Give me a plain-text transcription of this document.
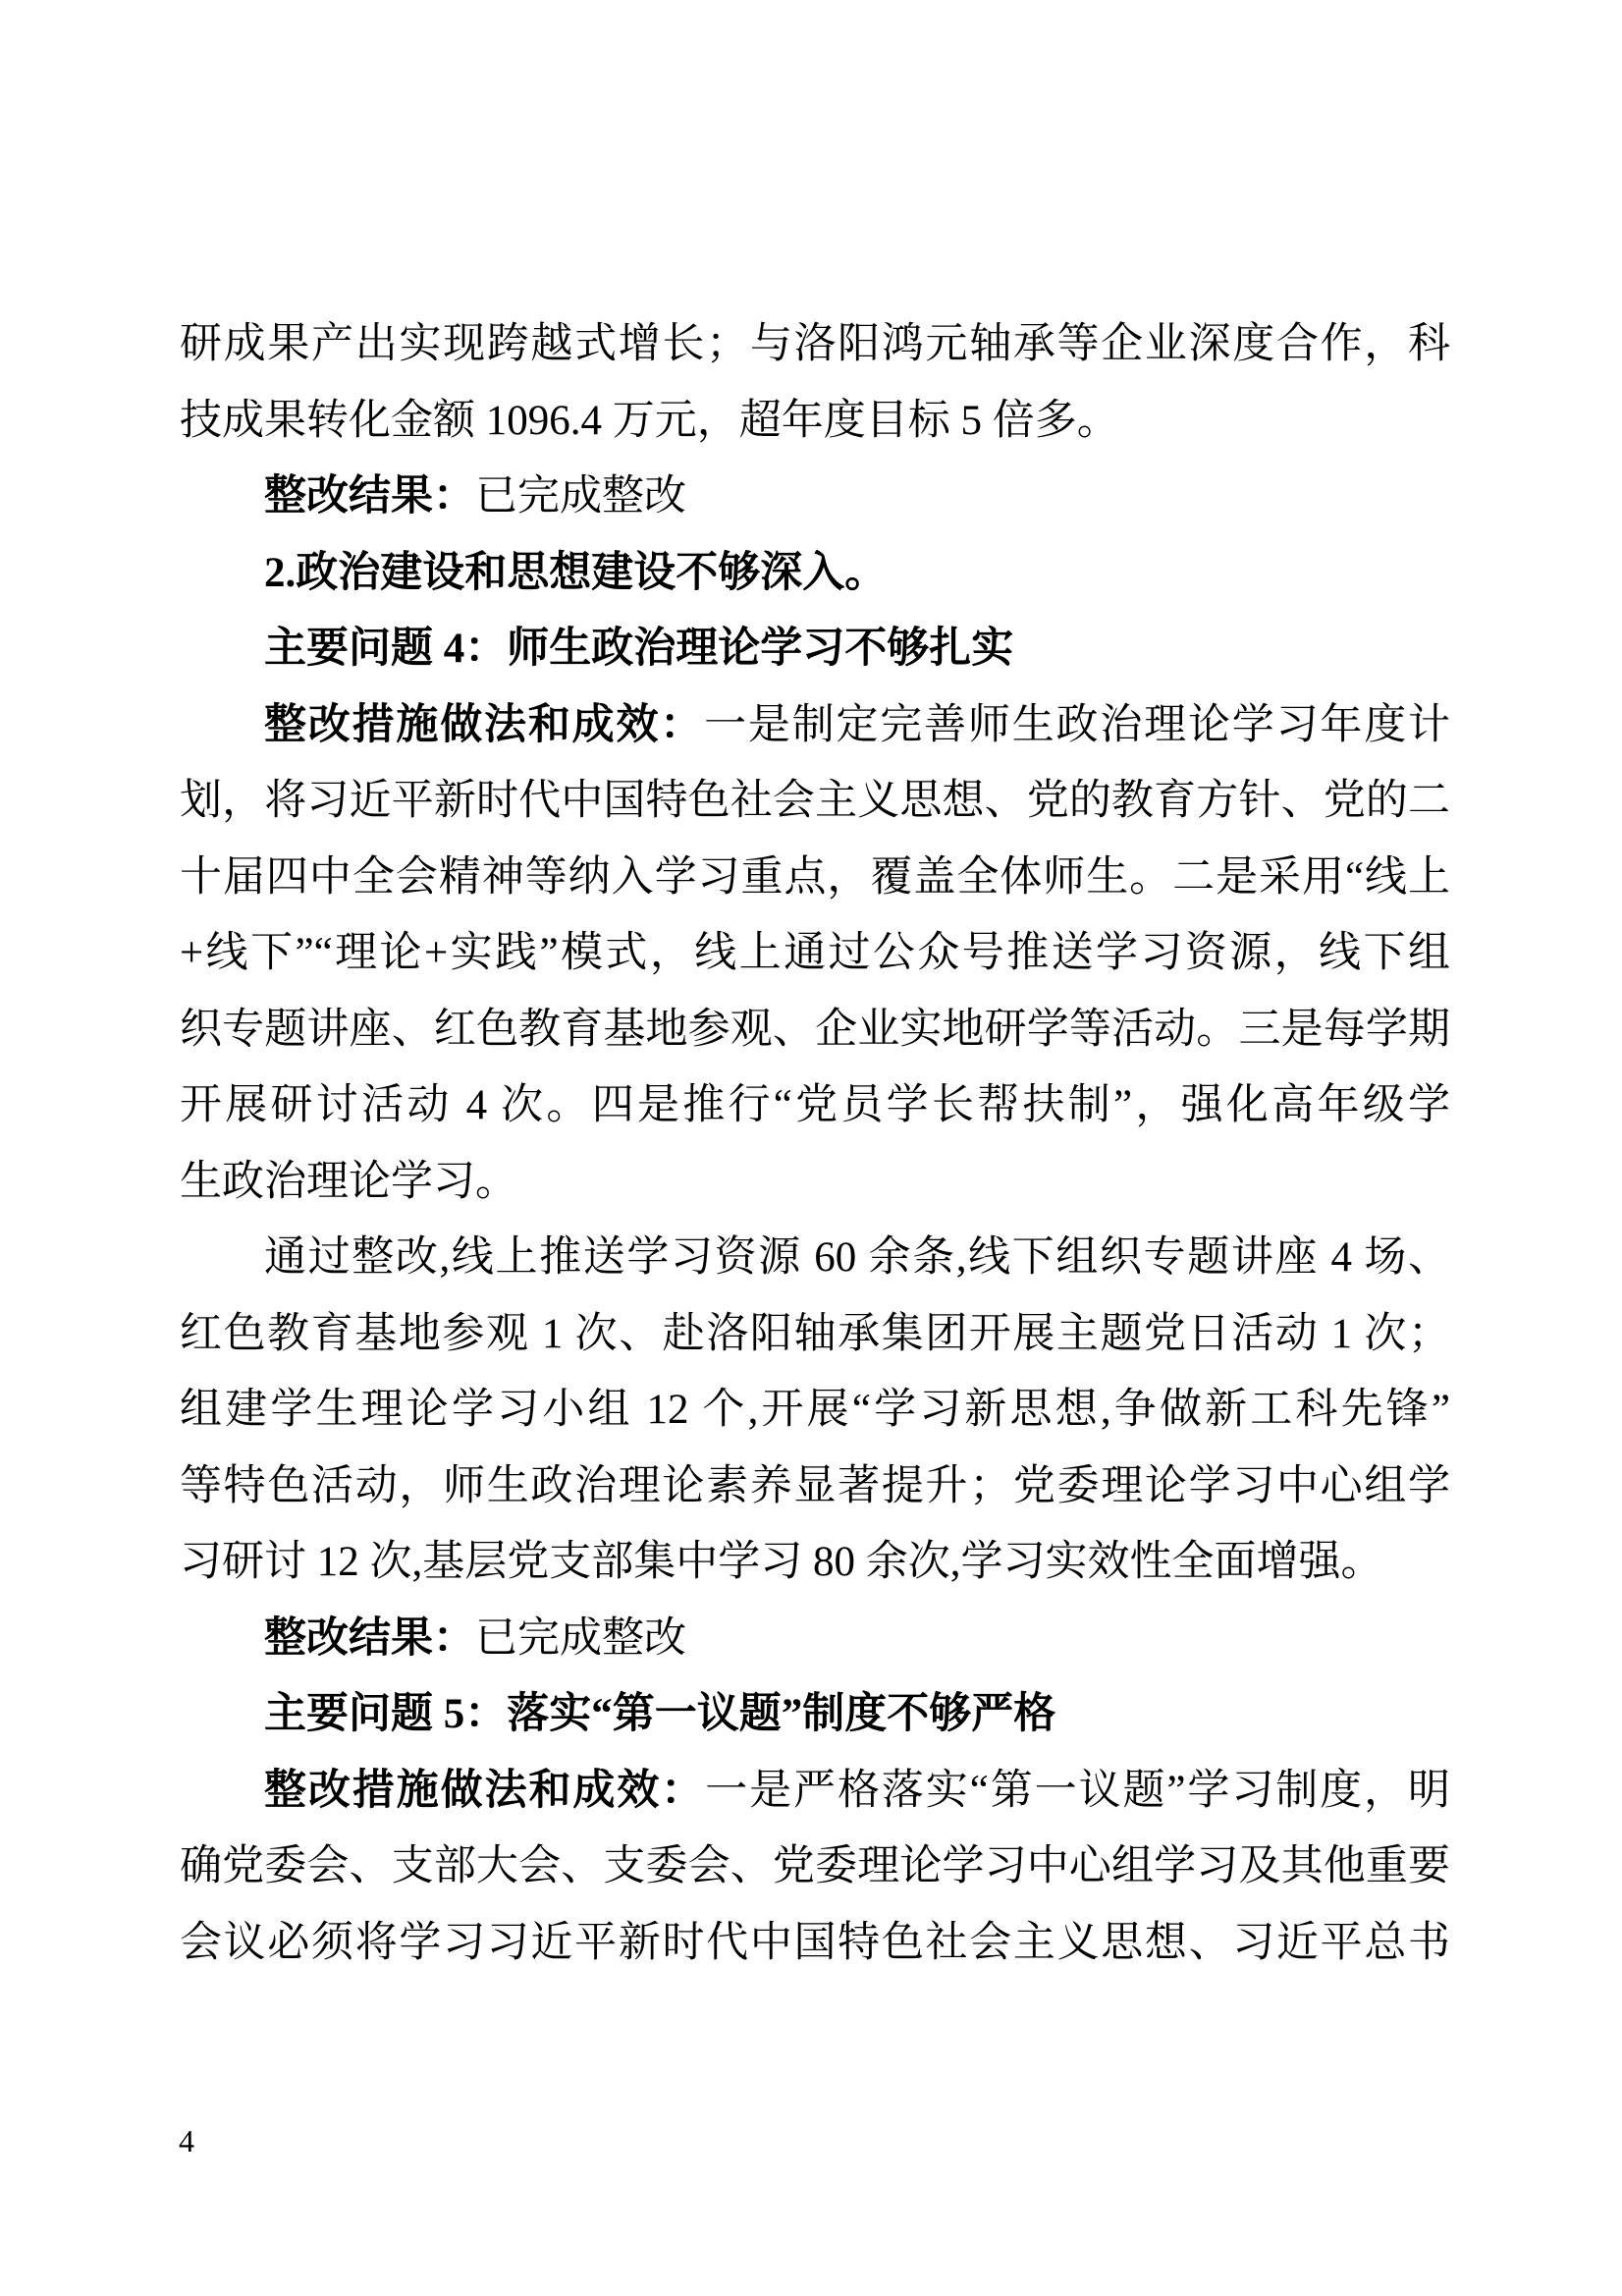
研成果产出实现跨越式增长；与洛阳鸿元轴承等企业深度合作，科
技成果转化金额 1096.4 万元，超年度目标 5 倍多。
整改结果：已完成整改
2.政治建设和思想建设不够深入。
主要问题 4：师生政治理论学习不够扎实
整改措施做法和成效：一是制定完善师生政治理论学习年度计
划，将习近平新时代中国特色社会主义思想、党的教育方针、党的二
十届四中全会精神等纳入学习重点，覆盖全体师生。二是采用“线上
+线下”“理论+实践”模式，线上通过公众号推送学习资源，线下组
织专题讲座、红色教育基地参观、企业实地研学等活动。三是每学期
开展研讨活动 4 次。四是推行“党员学长帮扶制”，强化高年级学
生政治理论学习。
通过整改,线上推送学习资源 60 余条,线下组织专题讲座 4 场、
红色教育基地参观 1 次、赴洛阳轴承集团开展主题党日活动 1 次；
组建学生理论学习小组 12 个,开展“学习新思想,争做新工科先锋”
等特色活动，师生政治理论素养显著提升；党委理论学习中心组学
习研讨 12 次,基层党支部集中学习 80 余次,学习实效性全面增强。
整改结果：已完成整改
主要问题 5：落实“第一议题”制度不够严格
整改措施做法和成效：一是严格落实“第一议题”学习制度，明
确党委会、支部大会、支委会、党委理论学习中心组学习及其他重要
会议必须将学习习近平新时代中国特色社会主义思想、习近平总书
4
